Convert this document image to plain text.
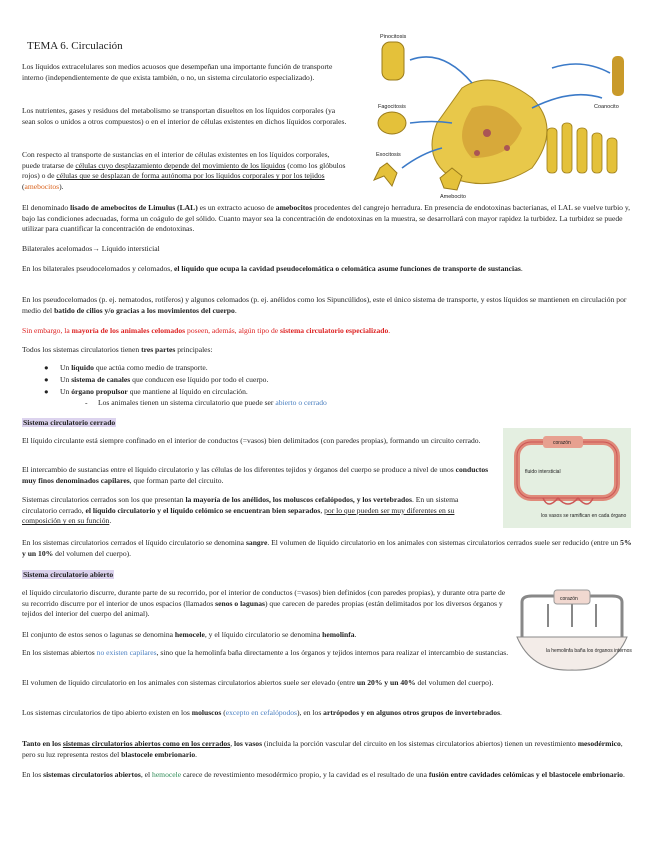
TEMA 6. Circulación

Los líquidos extracelulares son medios acuosos que desempeñan una importante función de transporte interno (independientemente de que exista también, o no, un sistema circulatorio especializado).

Los nutrientes, gases y residuos del metabolismo se transportan disueltos en los líquidos corporales (ya sean solos o unidos a otros compuestos) o en el interior de células existentes en dichos líquidos corporales.

Con respecto al transporte de sustancias en el interior de células existentes en los líquidos corporales, puede tratarse de células cuyo desplazamiento depende del movimiento de los líquidos (como los glóbulos rojos) o de células que se desplazan de forma autónoma por los líquidos corporales y por los tejidos (amebocitos).

Pinocitosis
Fagocitosis
Exocitosis
Amebocito
Coanocito

El denominado lisado de amebocitos de Limulus (LAL) es un extracto acuoso de amebocitos procedentes del cangrejo herradura. En presencia de endotoxinas bacterianas, el LAL se vuelve turbio y, bajo las condiciones adecuadas, forma un coágulo de gel sólido. Cuanto mayor sea la concentración de endotoxinas en la muestra, se desarrollará con mayor rapidez la turbidez. La turbidez se puede utilizar para cuantificar la concentración de endotoxinas.

Bilaterales acelomados→ Líquido intersticial

En los bilaterales pseudocelomados y celomados, el líquido que ocupa la cavidad pseudocelomática o celomática asume funciones de transporte de sustancias.

En los pseudocelomados (p. ej. nematodos, rotíferos) y algunos celomados (p. ej. anélidos como los Sipuncúlidos), este el único sistema de transporte, y estos líquidos se mantienen en circulación por medio del batido de cilios y/o gracias a los movimientos del cuerpo.

Sin embargo, la mayoría de los animales celomados poseen, además, algún tipo de sistema circulatorio especializado.

Todos los sistemas circulatorios tienen tres partes principales:

● Un líquido que actúa como medio de transporte.
● Un sistema de canales que conducen ese líquido por todo el cuerpo.
● Un órgano propulsor que mantiene al líquido en circulación.
- Los animales tienen un sistema circulatorio que puede ser abierto o cerrado
Sistema circulatorio cerrado

El líquido circulante está siempre confinado en el interior de conductos (=vasos) bien delimitados (con paredes propias), formando un circuito cerrado.

El intercambio de sustancias entre el líquido circulatorio y las células de los diferentes tejidos y órganos del cuerpo se produce a nivel de unos conductos muy finos denominados capilares, que forman parte del circuito.

Sistemas circulatorios cerrados son los que presentan la mayoría de los anélidos, los moluscos cefalópodos, y los vertebrados. En un sistema circulatorio cerrado, el líquido circulatorio y el líquido celómico se encuentran bien separados, por lo que pueden ser muy diferentes en su composición y en su función.

corazón
fluido intersticial
los vasos se ramifican en cada órgano

En los sistemas circulatorios cerrados el líquido circulatorio se denomina sangre. El volumen de líquido circulatorio en los animales con sistemas circulatorios cerrados suele ser reducido (entre un 5% y un 10% del volumen del cuerpo).

Sistema circulatorio abierto

el líquido circulatorio discurre, durante parte de su recorrido, por el interior de conductos (=vasos) bien definidos (con paredes propias), y durante otra parte de su recorrido discurre por el interior de unos espacios (llamados senos o lagunas) que carecen de paredes propias (están delimitados por los diversos órganos y tejidos del interior del cuerpo del animal).

El conjunto de estos senos o lagunas se denomina hemocele, y el líquido circulatorio se denomina hemolinfa.

En los sistemas abiertos no existen capilares, sino que la hemolinfa baña directamente a los órganos y tejidos internos para realizar el intercambio de sustancias.

El volumen de líquido circulatorio en los animales con sistemas circulatorios abiertos suele ser elevado (entre un 20% y un 40% del volumen del cuerpo).

corazón
la hemolinfa baña los órganos internos

Los sistemas circulatorios de tipo abierto existen en los moluscos (excepto en cefalópodos), en los artrópodos y en algunos otros grupos de invertebrados.

Tanto en los sistemas circulatorios abiertos como en los cerrados, los vasos (incluida la porción vascular del circuito en los sistemas circulatorios abiertos) tienen un revestimiento mesodérmico, pero su luz representa restos del blastocele embrionario.

En los sistemas circulatorios abiertos, el hemocele carece de revestimiento mesodérmico propio, y la cavidad es el resultado de una fusión entre cavidades celómicas y el blastocele embrionario.
